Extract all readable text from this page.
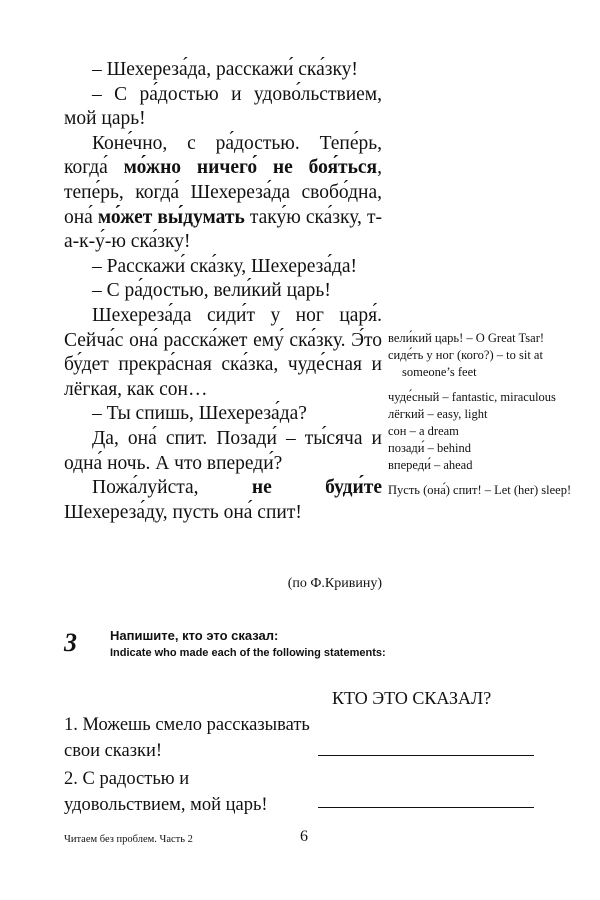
– Шехереза́да, расскажи́ ска́зку!

– С ра́достью и удово́льствием, мой царь!

Коне́чно, с ра́достью. Тепе́рь, когда́ мо́жно ничего́ не боя́ться, тепе́рь, когда́ Шехереза́да свобо́дна, она́ мо́жет вы́думать таку́ю ска́зку, т-а-к-у́-ю ска́зку!

– Расскажи́ ска́зку, Шехереза́да!

– С ра́достью, вели́кий царь!

Шехереза́да сиди́т у ног царя́. Сейча́с она́ расска́жет ему́ ска́зку. Э́то бу́дет прекра́сная ска́зка, чуде́сная и лёгкая, как сон…

– Ты спишь, Шехереза́да?

Да, она́ спит. Позади́ – ты́сяча и одна́ ночь. А что впереди́?

Пожа́луйста, не буди́те Шехереза́ду, пусть она́ спит!

(по Ф.Кривину)
вели́кий царь! – O Great Tsar!
сиде́ть у ног (кого?) – to sit at someone’s feet
чуде́сный – fantastic, miraculous
лёгкий – easy, light
сон – a dream
позади́ – behind
впереди́ – ahead
Пусть (она́) спит! – Let (her) sleep!
3	Напишите, кто это сказал:
Indicate who made each of the following statements:
КТО ЭТО СКАЗАЛ?
1. Можешь смело рассказывать свои сказки!
2. С радостью и удовольствием, мой царь!
Читаем без проблем. Часть 2	6
